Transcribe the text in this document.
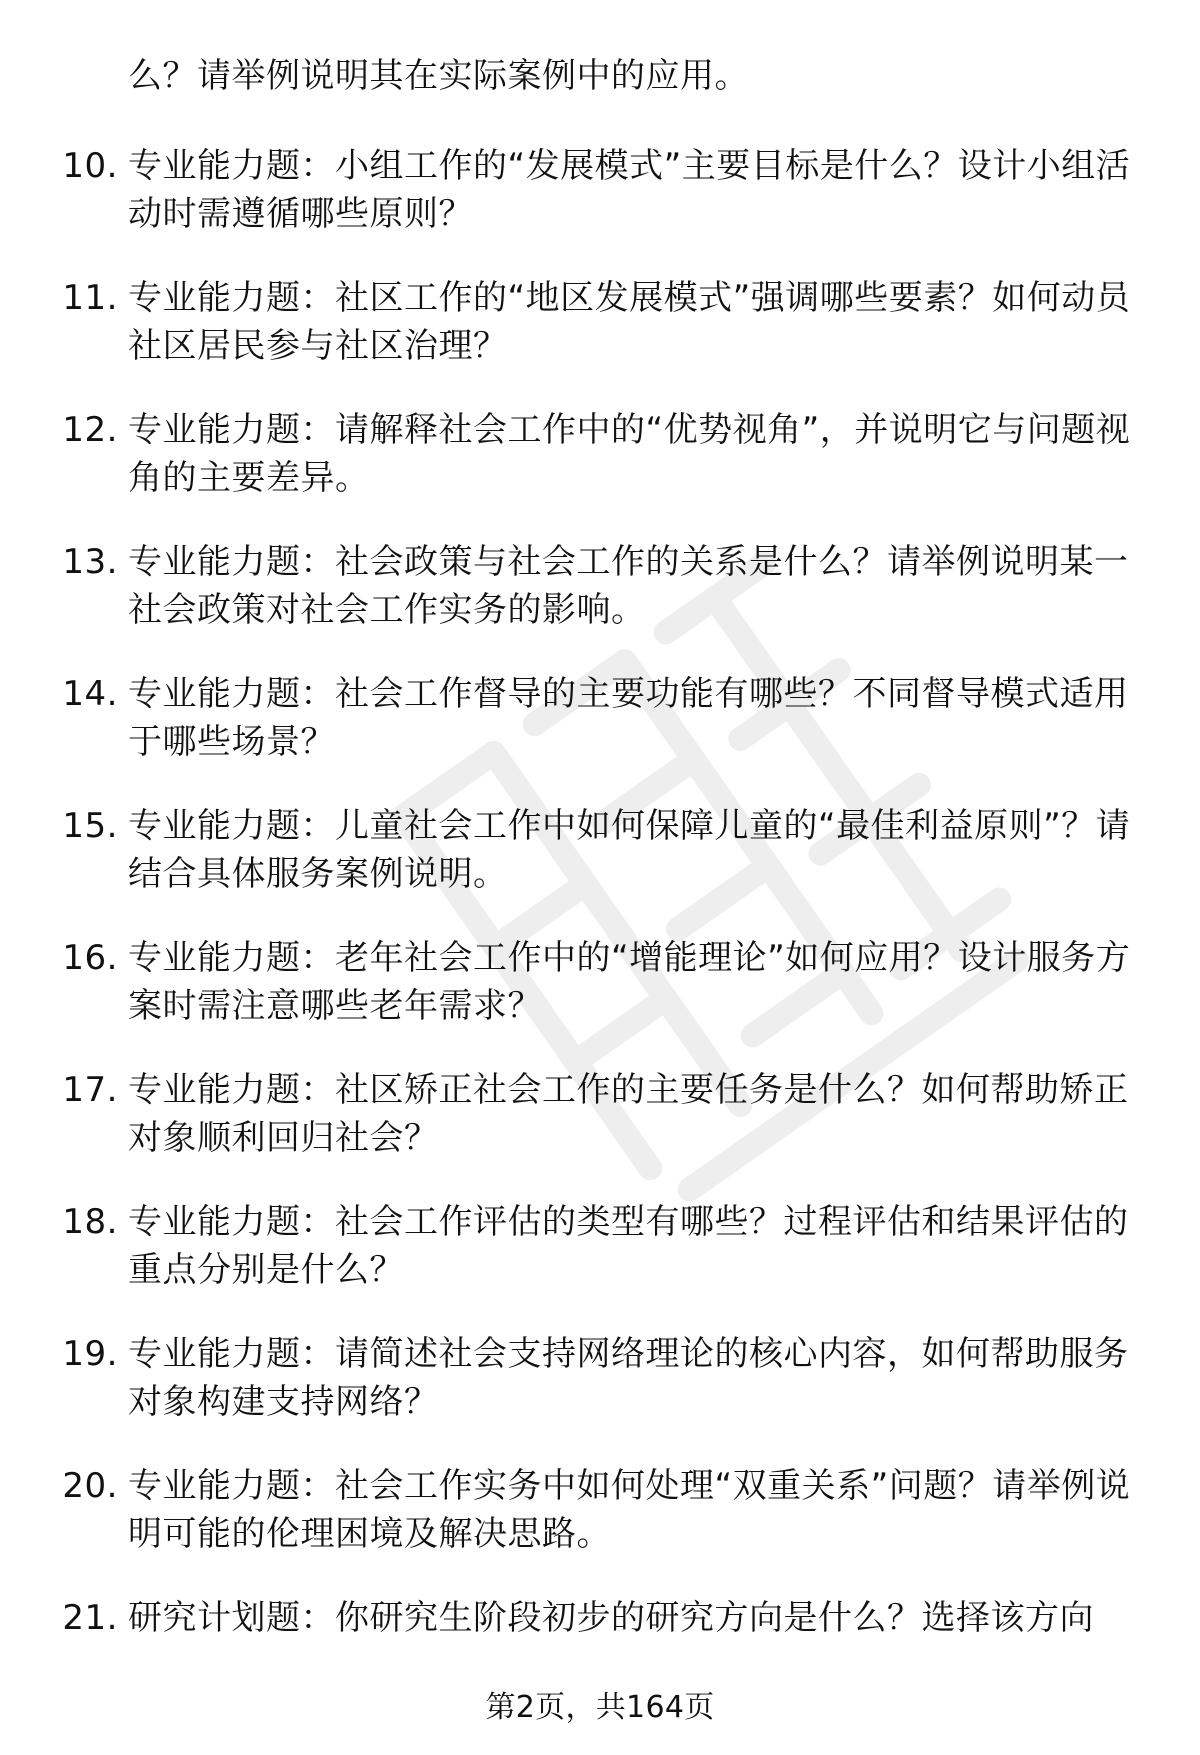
么？请举例说明其在实际案例中的应用。
10. 专业能力题：小组工作的“发展模式”主要目标是什么？设计小组活动时需遵循哪些原则？
11. 专业能力题：社区工作的“地区发展模式”强调哪些要素？如何动员社区居民参与社区治理？
12. 专业能力题：请解释社会工作中的“优势视角”，并说明它与问题视角的主要差异。
13. 专业能力题：社会政策与社会工作的关系是什么？请举例说明某一社会政策对社会工作实务的影响。
14. 专业能力题：社会工作督导的主要功能有哪些？不同督导模式适用于哪些场景？
15. 专业能力题：儿童社会工作中如何保障儿童的“最佳利益原则”？请结合具体服务案例说明。
16. 专业能力题：老年社会工作中的“增能理论”如何应用？设计服务方案时需注意哪些老年需求？
17. 专业能力题：社区矫正社会工作的主要任务是什么？如何帮助矫正对象顺利回归社会？
18. 专业能力题：社会工作评估的类型有哪些？过程评估和结果评估的重点分别是什么？
19. 专业能力题：请简述社会支持网络理论的核心内容，如何帮助服务对象构建支持网络？
20. 专业能力题：社会工作实务中如何处理“双重关系”问题？请举例说明可能的伦理困境及解决思路。
21. 研究计划题：你研究生阶段初步的研究方向是什么？选择该方向
第2页，共164页
